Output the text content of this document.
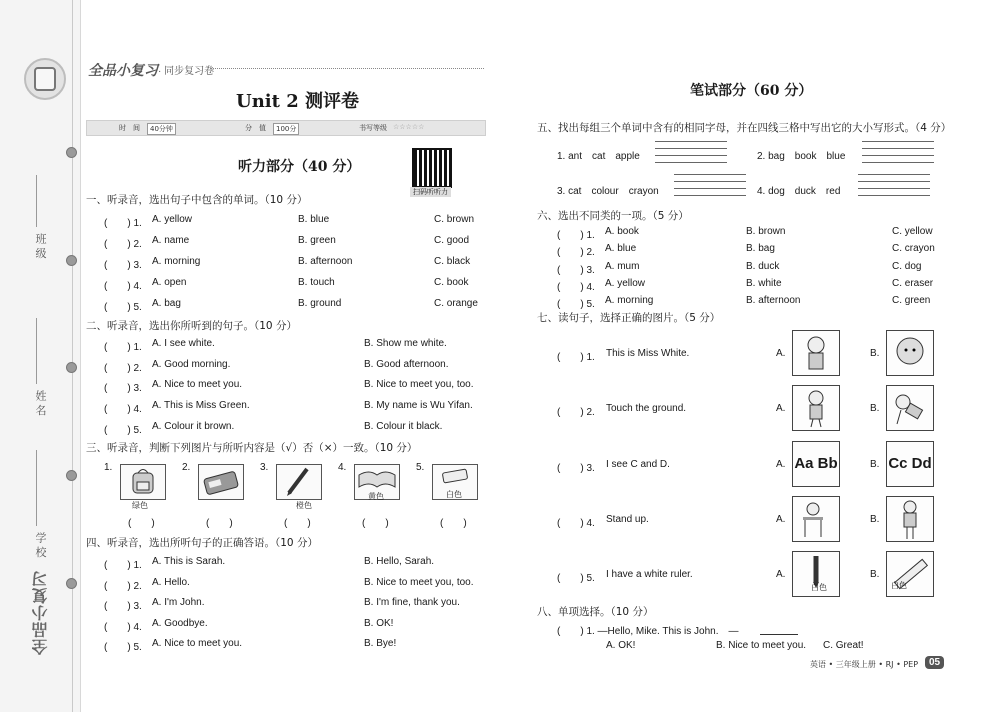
班 级
姓 名
学 校
全品小复习
全品小复习 · 同步复习卷
Unit 2 测评卷
时　间	40分钟	分　值	100分	书写等级 ☆☆☆☆☆
听力部分（40 分）
扫码听听力
一、听录音，选出句子中包含的单词。（10 分）
二、听录音，选出你所听到的句子。（10 分）
三、听录音，判断下列图片与所听内容是（√）否（×）一致。（10 分）
1.
绿色
(　　)
2.
(　　)
3.
橙色
(　　)
4.
黄色
(　　)
5.
白色
(　　)
四、听录音，选出所听句子的正确答语。（10 分）
笔试部分（60 分）
五、找出每组三个单词中含有的相同字母，并在四线三格中写出它的大小写形式。（4 分）
1. ant　cat　apple	2. bag　book　blue
3. cat　colour　crayon	4. dog　duck　red
六、选出不同类的一项。（5 分）
七、读句子，选择正确的图片。（5 分）
八、单项选择。（10 分）
(　　) 1. —Hello, Mike. This is John.　—
A. OK!	B. Nice to meet you. C. Great!
英语 • 三年级上册 • RJ • PEP	05
(　　) 1. A. yellow	B. blue	C. brown
(　　) 2. A. name	B. green	C. good
(　　) 3. A. morning	B. afternoon	C. black
(　　) 4. A. open	B. touch	C. book
(　　) 5. A. bag	B. ground	C. orange
(　　) 1. A. I see white.	B. Show me white.
(　　) 2. A. Good morning.	B. Good afternoon.
(　　) 3. A. Nice to meet you.	B. Nice to meet you, too.
(　　) 4. A. This is Miss Green.	B. My name is Wu Yifan.
(　　) 5. A. Colour it brown.	B. Colour it black.
(　　) 1. A. This is Sarah.	B. Hello, Sarah.
(　　) 2. A. Hello.	B. Nice to meet you, too.
(　　) 3. A. I'm John.	B. I'm fine, thank you.
(　　) 4. A. Goodbye.	B. OK!
(　　) 5. A. Nice to meet you.	B. Bye!
(　　) 1. A. book	B. brown	C. yellow
(　　) 2. A. blue	B. bag	C. crayon
(　　) 3. A. mum	B. duck	C. dog
(　　) 4. A. yellow	B. white	C. eraser
(　　) 5. A. morning	B. afternoon	C. green
(　　) 1. This is Miss White.	A.	B.
(　　) 2. Touch the ground.	A.	B.
(　　) 3. I see C and D.	A.	B.
Aa Bb	Cc Dd
(　　) 4. Stand up.	A.	B.
(　　) 5. I have a white ruler.	A.	B.
白色	白色
